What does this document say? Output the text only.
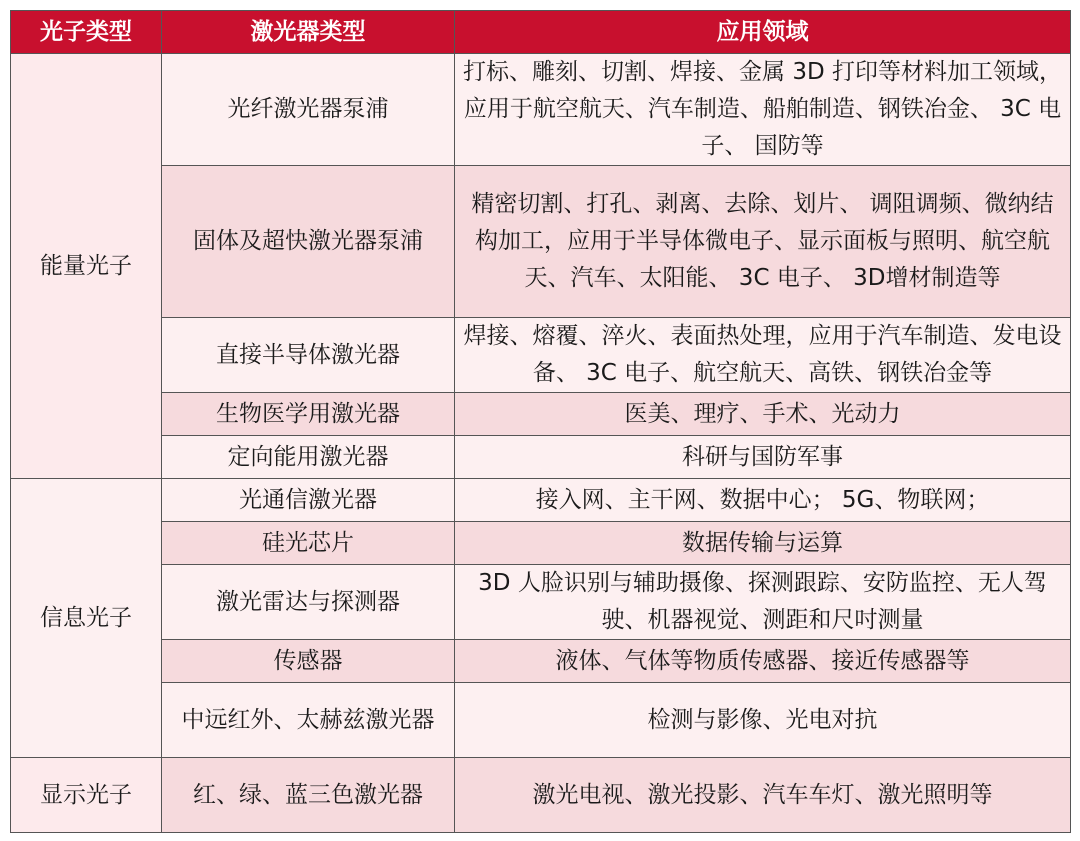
光子类型	激光器类型	应用领域
能量光子	光纤激光器泵浦	打标、雕刻、切割、焊接、金属 3D 打印等材料加工领域，应用于航空航天、汽车制造、船舶制造、钢铁冶金、 3C 电子、 国防等
	固体及超快激光器泵浦	精密切割、打孔、剥离、去除、划片、 调阻调频、微纳结构加工，应用于半导体微电子、显示面板与照明、航空航天、汽车、太阳能、 3C 电子、 3D增材制造等
	直接半导体激光器	焊接、熔覆、淬火、表面热处理，应用于汽车制造、发电设备、 3C 电子、航空航天、高铁、钢铁冶金等
	生物医学用激光器	医美、理疗、手术、光动力
	定向能用激光器	科研与国防军事
信息光子	光通信激光器	接入网、主干网、数据中心； 5G、物联网；
	硅光芯片	数据传输与运算
	激光雷达与探测器	3D 人脸识别与辅助摄像、探测跟踪、安防监控、无人驾驶、机器视觉、测距和尺吋测量
	传感器	液体、气体等物质传感器、接近传感器等
	中远红外、太赫兹激光器	检测与影像、光电对抗
显示光子	红、绿、蓝三色激光器	激光电视、激光投影、汽车车灯、激光照明等
